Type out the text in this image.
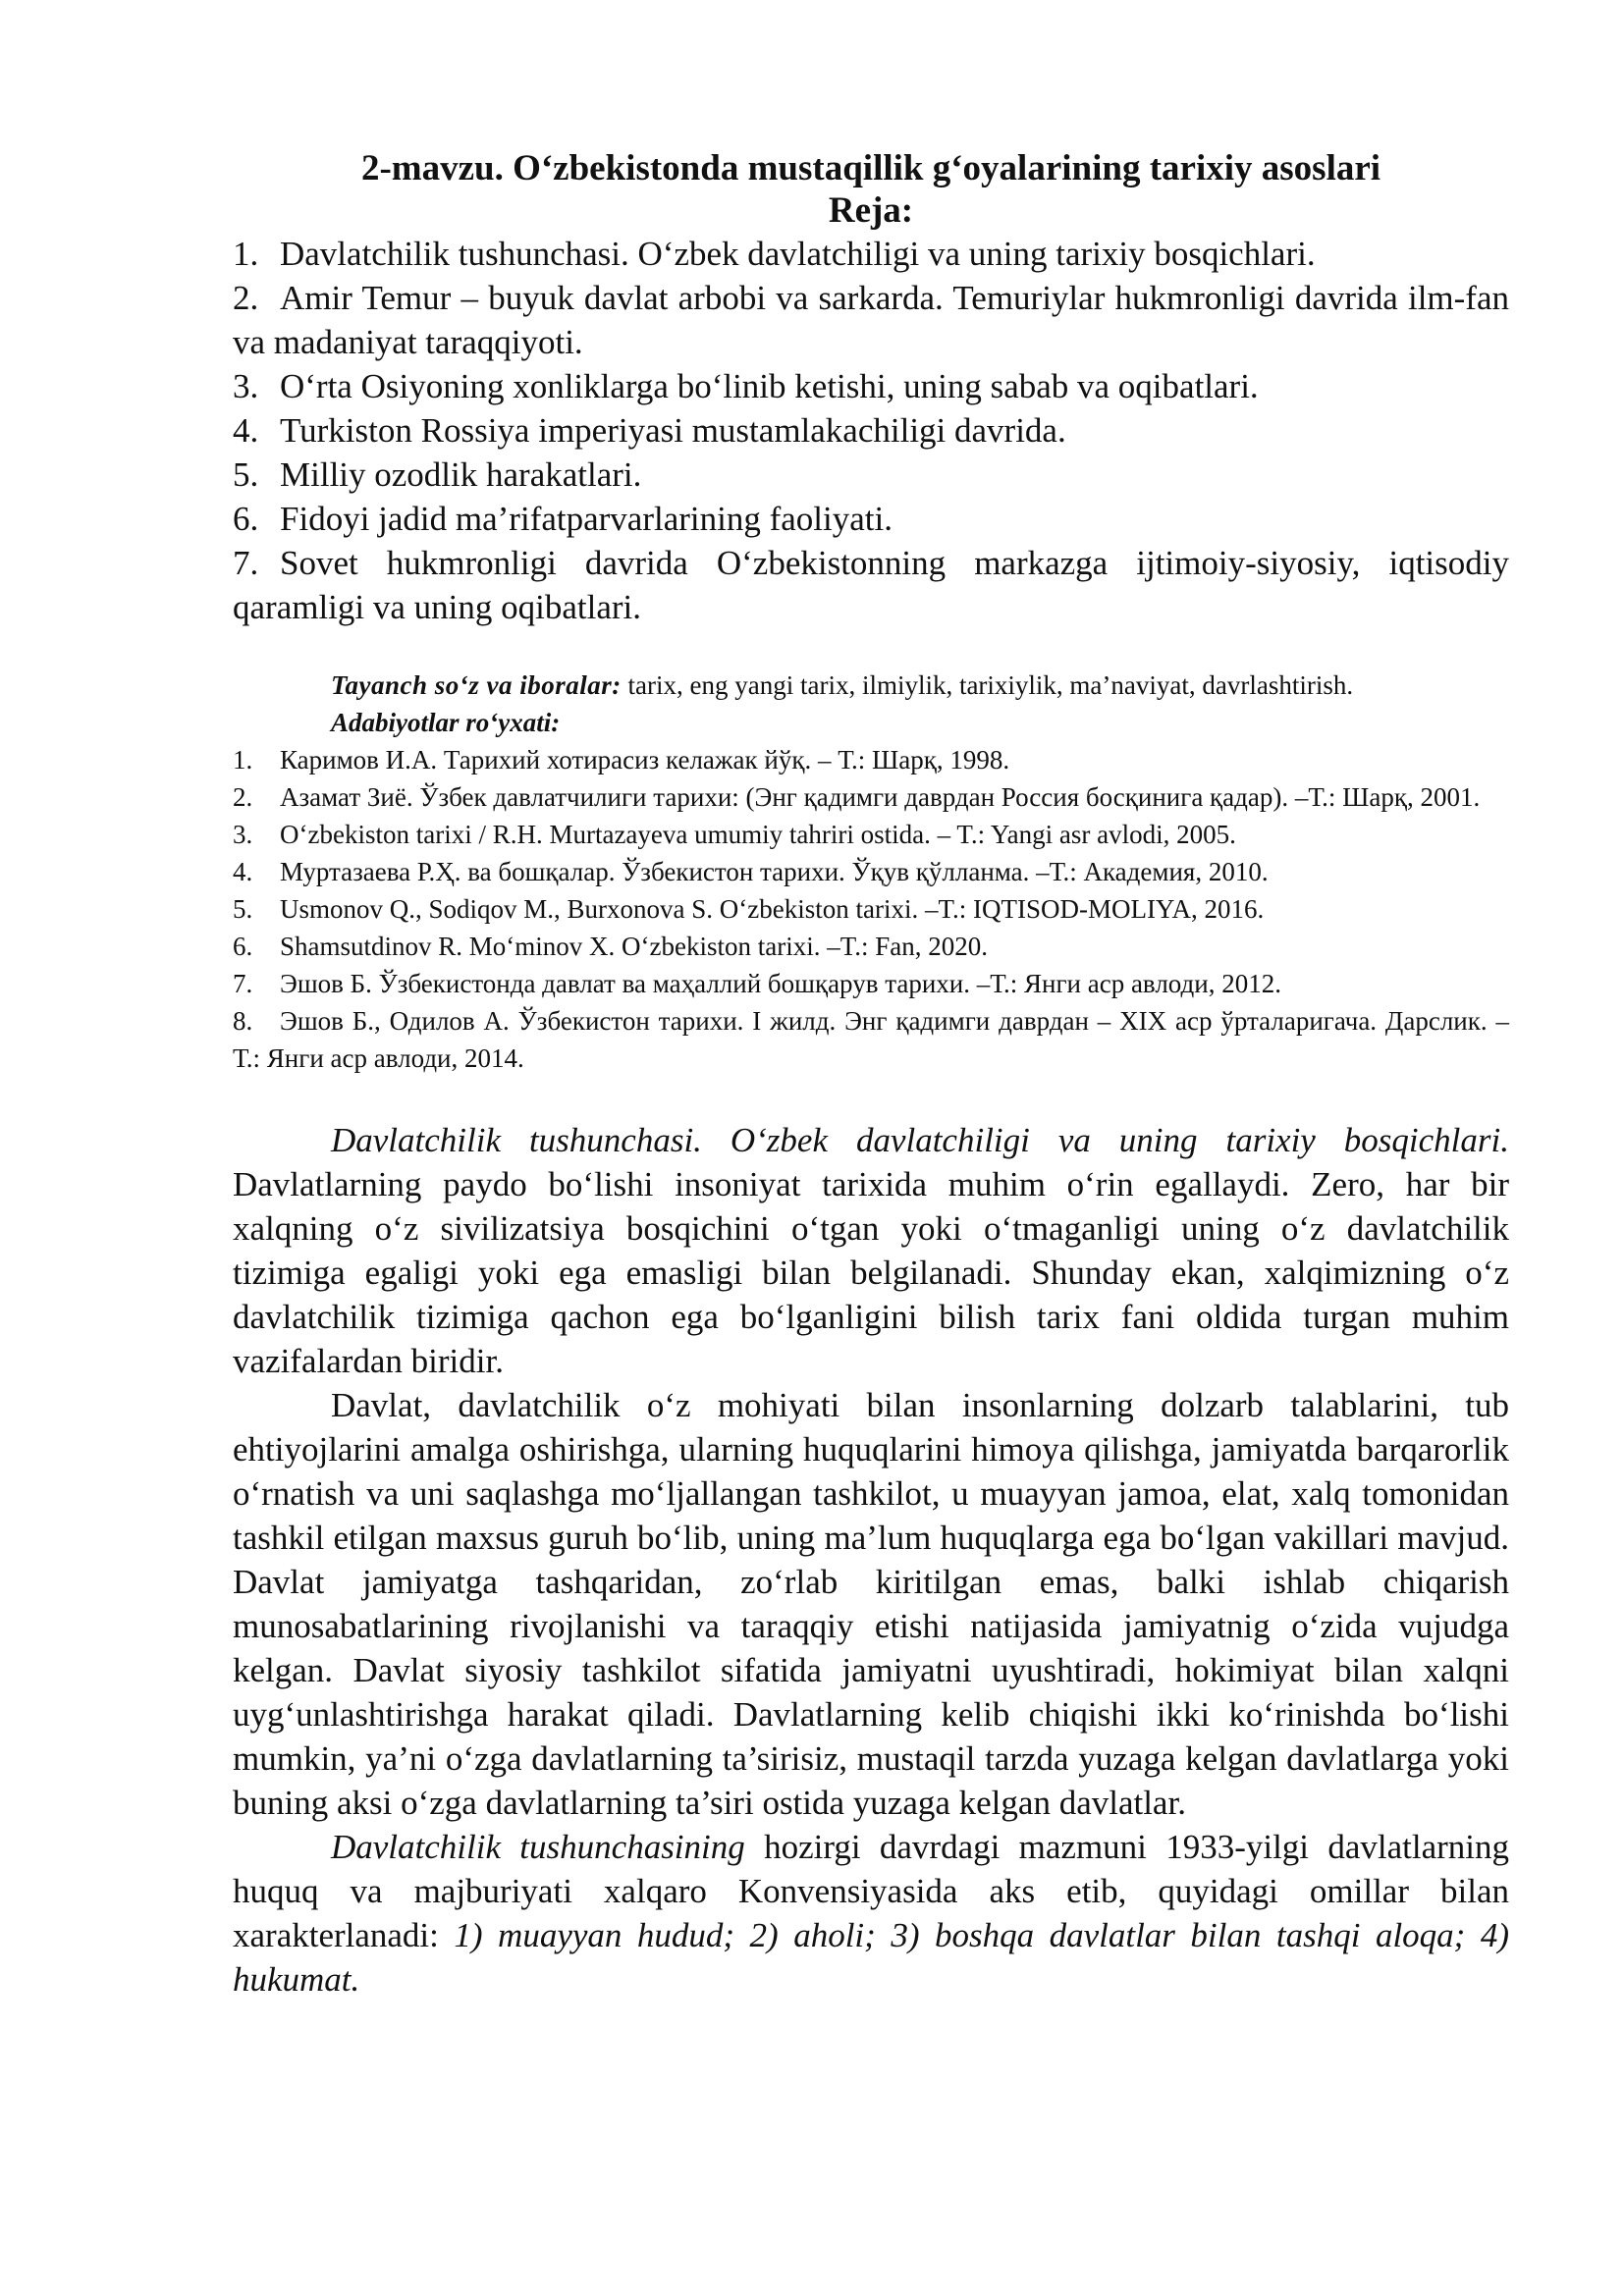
2-mavzu. O‘zbekistonda mustaqillik g‘oyalarining tarixiy asoslari
Reja:
1. Davlatchilik tushunchasi. O‘zbek davlatchiligi va uning tarixiy bosqichlari.
2. Amir Temur – buyuk davlat arbobi va sarkarda. Temuriylar hukmronligi davrida ilm-fan va madaniyat taraqqiyoti.
3. O‘rta Osiyoning xonliklarga bo‘linib ketishi, uning sabab va oqibatlari.
4. Turkiston Rossiya imperiyasi mustamlakachiligi davrida.
5. Milliy ozodlik harakatlari.
6. Fidoyi jadid ma’rifatparvarlarining faoliyati.
7. Sovet hukmronligi davrida O‘zbekistonning markazga ijtimoiy-siyosiy, iqtisodiy qaramligi va uning oqibatlari.

Tayanch so‘z va iboralar: tarix, eng yangi tarix, ilmiylik, tarixiylik, ma’naviyat, davrlashtirish.

Adabiyotlar ro‘yxati:
1. Каримов И.А. Тарихий хотирасиз келажак йўқ. – Т.: Шарқ, 1998.
2. Азамат Зиё. Ўзбек давлатчилиги тарихи: (Энг қадимги даврдан Россия босқинига қадар). –Т.: Шарқ, 2001.
3. O‘zbekiston tarixi / R.H. Murtazayeva umumiy tahriri ostida. – T.: Yangi asr avlodi, 2005.
4. Муртазаева Р.Ҳ. ва бошқалар. Ўзбекистон тарихи. Ўқув қўлланма. –Т.: Академия, 2010.
5. Usmonov Q., Sodiqov M., Burxonova S. O‘zbekiston tarixi. –T.: IQTISOD-MOLIYA, 2016.
6. Shamsutdinov R. Mo‘minov X. O‘zbekiston tarixi. –T.: Fan, 2020.
7. Эшов Б. Ўзбекистонда давлат ва маҳаллий бошқарув тарихи. –Т.: Янги аср авлоди, 2012.
8. Эшов Б., Одилов А. Ўзбекистон тарихи. I жилд. Энг қадимги даврдан – XIX аср ўрталаригача. Дарслик. – Т.: Янги аср авлоди, 2014.

Davlatchilik tushunchasi. O‘zbek davlatchiligi va uning tarixiy bosqichlari. Davlatlarning paydo bo‘lishi insoniyat tarixida muhim o‘rin egallaydi. Zero, har bir xalqning o‘z sivilizatsiya bosqichini o‘tgan yoki o‘tmaganligi uning o‘z davlatchilik tizimiga egaligi yoki ega emasligi bilan belgilanadi. Shunday ekan, xalqimizning o‘z davlatchilik tizimiga qachon ega bo‘lganligini bilish tarix fani oldida turgan muhim vazifalardan biridir.

Davlat, davlatchilik o‘z mohiyati bilan insonlarning dolzarb talablarini, tub ehtiyojlarini amalga oshirishga, ularning huquqlarini himoya qilishga, jamiyatda barqarorlik o‘rnatish va uni saqlashga mo‘ljallangan tashkilot, u muayyan jamoa, elat, xalq tomonidan tashkil etilgan maxsus guruh bo‘lib, uning ma’lum huquqlarga ega bo‘lgan vakillari mavjud. Davlat jamiyatga tashqaridan, zo‘rlab kiritilgan emas, balki ishlab chiqarish munosabatlarining rivojlanishi va taraqqiy etishi natijasida jamiyatnig o‘zida vujudga kelgan. Davlat siyosiy tashkilot sifatida jamiyatni uyushtiradi, hokimiyat bilan xalqni uyg‘unlashtirishga harakat qiladi. Davlatlarning kelib chiqishi ikki ko‘rinishda bo‘lishi mumkin, ya’ni o‘zga davlatlarning ta’sirisiz, mustaqil tarzda yuzaga kelgan davlatlarga yoki buning aksi o‘zga davlatlarning ta’siri ostida yuzaga kelgan davlatlar.

Davlatchilik tushunchasining hozirgi davrdagi mazmuni 1933-yilgi davlatlarning huquq va majburiyati xalqaro Konvensiyasida aks etib, quyidagi omillar bilan xarakterlanadi: 1) muayyan hudud; 2) aholi; 3) boshqa davlatlar bilan tashqi aloqa; 4) hukumat.
